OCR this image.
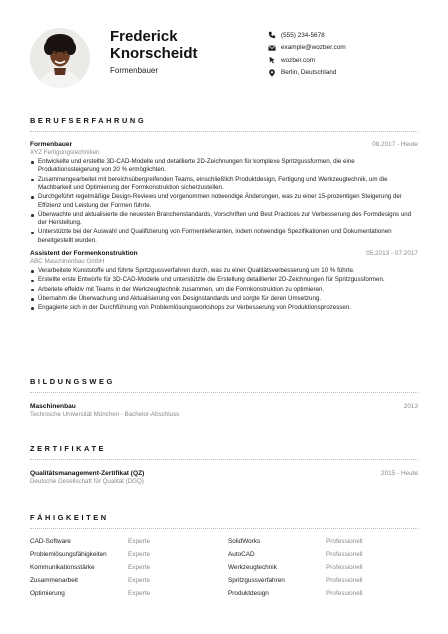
Frederick
Knorscheidt
Formenbauer
(555) 234-5678
example@wozber.com
wozber.com
Berlin, Deutschland
BERUFSERFAHRUNG
Formenbauer	08.2017 - Heute
XYZ Fertigungstechniken
Entwickelte und erstellte 3D-CAD-Modelle und detaillierte 2D-Zeichnungen für komplexe Spritzgussformen, die eine Produktionssteigerung von 20 % ermöglichten.
Zusammengearbeitet mit bereichsübergreifenden Teams, einschließlich Produktdesign, Fertigung und Werkzeugtechnik, um die Machbarkeit und Optimierung der Formkonstruktion sicherzustellen.
Durchgeführt regelmäßige Design-Reviews und vorgenommen notwendige Änderungen, was zu einer 15-prozentigen Steigerung der Effizienz und Leistung der Formen führte.
Überwachte und aktualisierte die neuesten Branchenstandards, Vorschriften und Best Practices zur Verbesserung des Formdesigns und der Herstellung.
Unterstützte bei der Auswahl und Qualifizierung von Formenlieferanten, indem notwendige Spezifikationen und Dokumentationen bereitgestellt wurden.
Assistent der Formenkonstruktion	05.2013 - 07.2017
ABC Maschinenbau GmbH
Verarbeitete Kunststoffe und führte Spritzgussverfahren durch, was zu einer Qualitätsverbesserung um 10 % führte.
Erstellte erste Entwürfe für 3D-CAD-Modelle und unterstützte die Erstellung detaillierter 2D-Zeichnungen für Spritzgussformen.
Arbeitete effektiv mit Teams in der Werkzeugtechnik zusammen, um die Formkonstruktion zu optimieren.
Übernahm die Überwachung und Aktualisierung von Designstandards und sorgte für deren Umsetzung.
Engagierte sich in der Durchführung von Problemlösungsworkshops zur Verbesserung von Produktionsprozessen.
BILDUNGSWEG
Maschinenbau	2013
Technische Universität München - Bachelor-Abschluss
ZERTIFIKATE
Qualitätsmanagement-Zertifikat (QZ)	2015 - Heute
Deutsche Gesellschaft für Qualität (DGQ)
FÄHIGKEITEN
CAD-Software	Experte	SolidWorks	Professionell
Problemlösungsfähigkeiten	Experte	AutoCAD	Professionell
Kommunikationsstärke	Experte	Werkzeugtechnik	Professionell
Zusammenarbeit	Experte	Spritzgussverfahren	Professionell
Optimierung	Experte	Produktdesign	Professionell
